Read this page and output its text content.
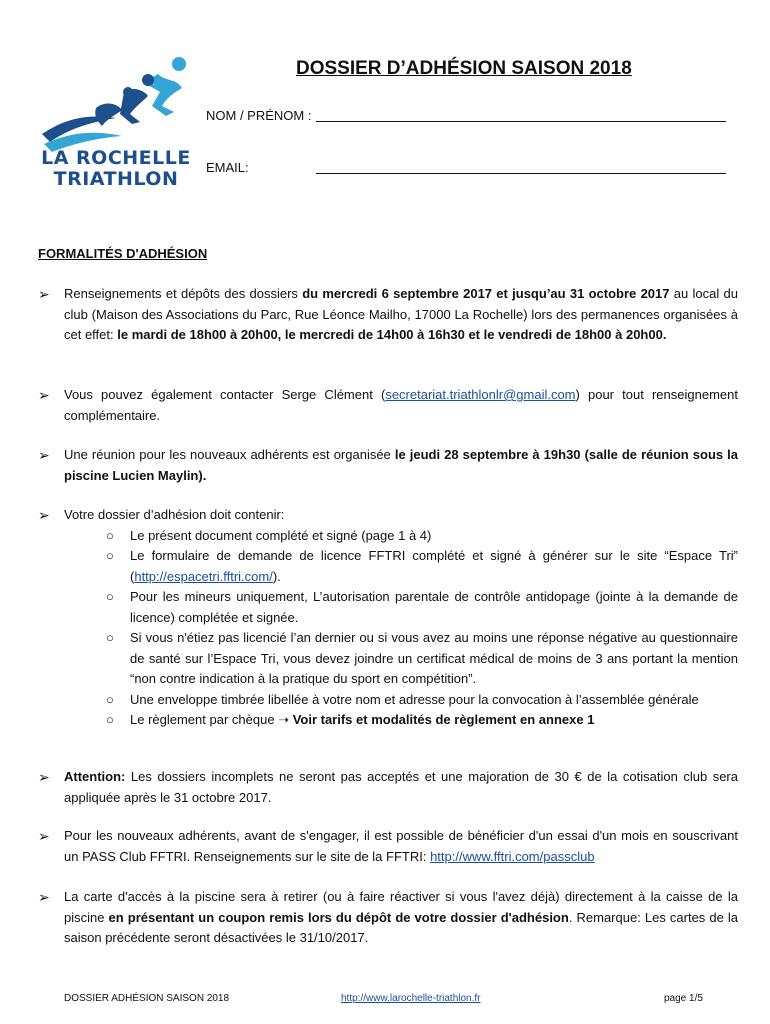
LA ROCHELLE
TRIATHLON
DOSSIER D’ADHÉSION SAISON 2018
NOM / PRÉNOM :
EMAIL:
FORMALITÉS D'ADHÉSION
➢ Renseignements et dépôts des dossiers du mercredi 6 septembre 2017 et jusqu’au 31 octobre 2017 au local du club (Maison des Associations du Parc, Rue Léonce Mailho, 17000 La Rochelle) lors des permanences organisées à cet effet: le mardi de 18h00 à 20h00, le mercredi de 14h00 à 16h30 et le vendredi de 18h00 à 20h00.
➢ Vous pouvez également contacter Serge Clément (secretariat.triathlonlr@gmail.com) pour tout renseignement complémentaire.
➢ Une réunion pour les nouveaux adhérents est organisée le jeudi 28 septembre à 19h30 (salle de réunion sous la piscine Lucien Maylin).
➢ Votre dossier d’adhésion doit contenir:
○ Le présent document complété et signé (page 1 à 4)
○ Le formulaire de demande de licence FFTRI complété et signé à générer sur le site “Espace Tri” (http://espacetri.fftri.com/).
○ Pour les mineurs uniquement, L’autorisation parentale de contrôle antidopage (jointe à la demande de licence) complétée et signée.
○ Si vous n'étiez pas licencié l’an dernier ou si vous avez au moins une réponse négative au questionnaire de santé sur l’Espace Tri, vous devez joindre un certificat médical de moins de 3 ans portant la mention “non contre indication à la pratique du sport en compétition”.
○ Une enveloppe timbrée libellée à votre nom et adresse pour la convocation à l’assemblée générale
○ Le règlement par chèque ➝ Voir tarifs et modalités de règlement en annexe 1
➢ Attention: Les dossiers incomplets ne seront pas acceptés et une majoration de 30 € de la cotisation club sera appliquée après le 31 octobre 2017.
➢ Pour les nouveaux adhérents, avant de s'engager, il est possible de bénéficier d'un essai d'un mois en souscrivant un PASS Club FFTRI. Renseignements sur le site de la FFTRI: http://www.fftri.com/passclub
➢ La carte d'accès à la piscine sera à retirer (ou à faire réactiver si vous l'avez déjà) directement à la caisse de la piscine en présentant un coupon remis lors du dépôt de votre dossier d'adhésion. Remarque: Les cartes de la saison précédente seront désactivées le 31/10/2017.
DOSSIER ADHÉSION SAISON 2018	http://www.larochelle-triathlon.fr	page 1/5
